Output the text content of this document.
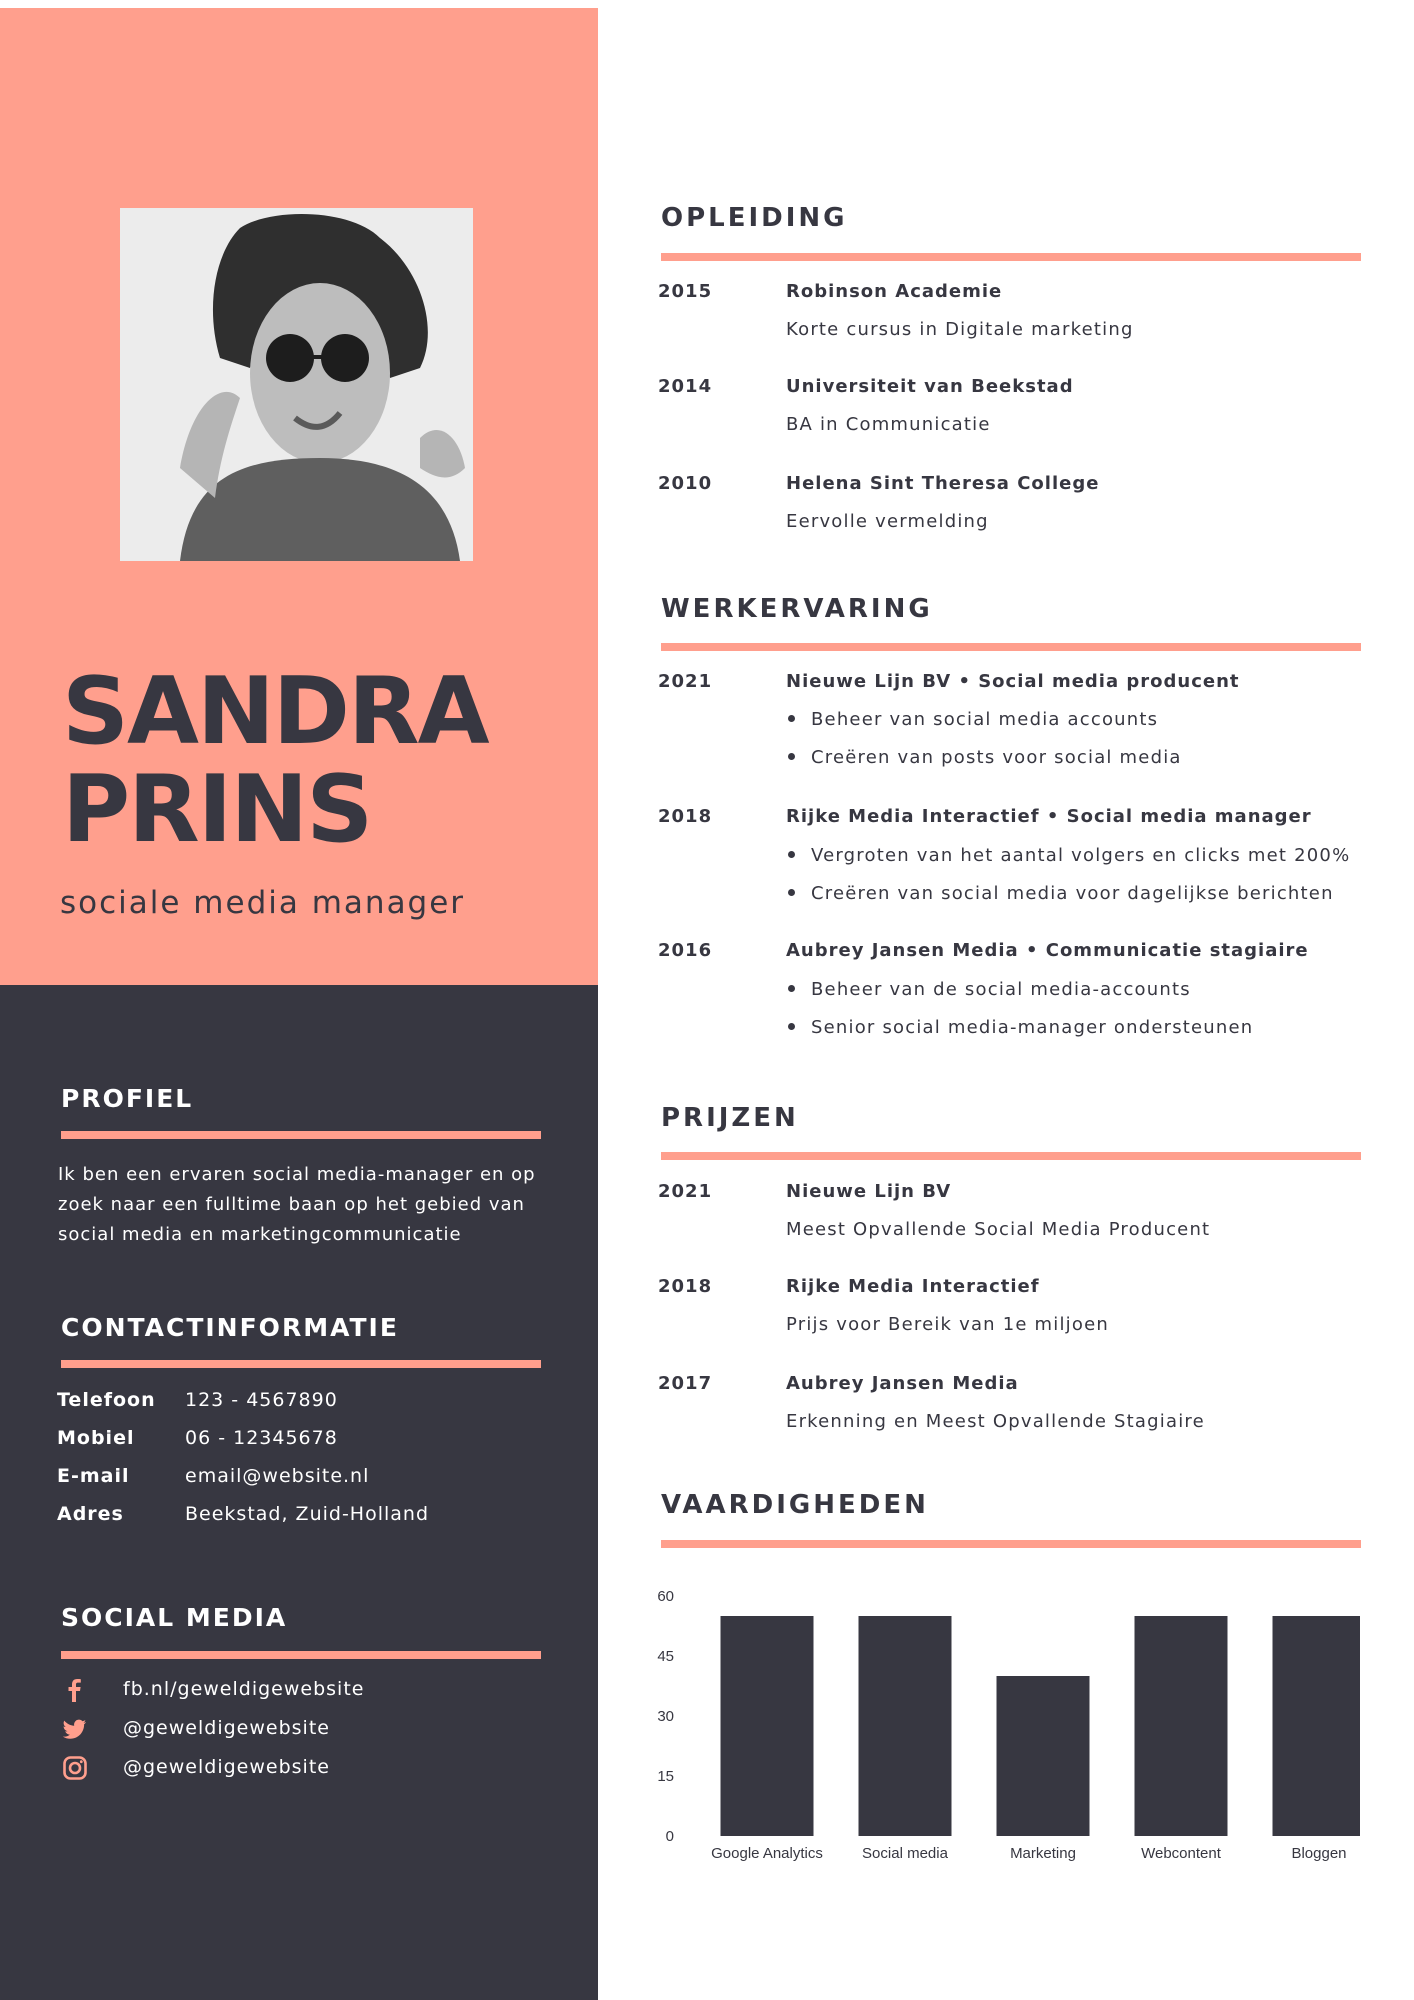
SANDRA
PRINS
sociale media manager
PROFIEL
Ik ben een ervaren social media-manager en op zoek naar een fulltime baan op het gebied van social media en marketingcommunicatie
CONTACTINFORMATIE
Telefoon 123 - 4567890
Mobiel	06 - 12345678
E-mail	email@website.nl
Adres	Beekstad, Zuid-Holland
SOCIAL MEDIA
fb.nl/geweldigewebsite
@geweldigewebsite
@geweldigewebsite
OPLEIDING
2015	Robinson Academie
Korte cursus in Digitale marketing
2014	Universiteit van Beekstad
BA in Communicatie
2010	Helena Sint Theresa College
Eervolle vermelding
WERKERVARING
2021	Nieuwe Lijn BV • Social media producent
Beheer van social media accounts
Creëren van posts voor social media
2018	Rijke Media Interactief • Social media manager
Vergroten van het aantal volgers en clicks met 200%
Creëren van social media voor dagelijkse berichten
2016	Aubrey Jansen Media • Communicatie stagiaire
Beheer van de social media-accounts
Senior social media-manager ondersteunen
PRIJZEN
2021	Nieuwe Lijn BV
Meest Opvallende Social Media Producent
2018	Rijke Media Interactief
Prijs voor Bereik van 1e miljoen
2017	Aubrey Jansen Media
Erkenning en Meest Opvallende Stagiaire
VAARDIGHEDEN
0
15
30
45
60
Google Analytics	Social media	Marketing	Webcontent	Bloggen
